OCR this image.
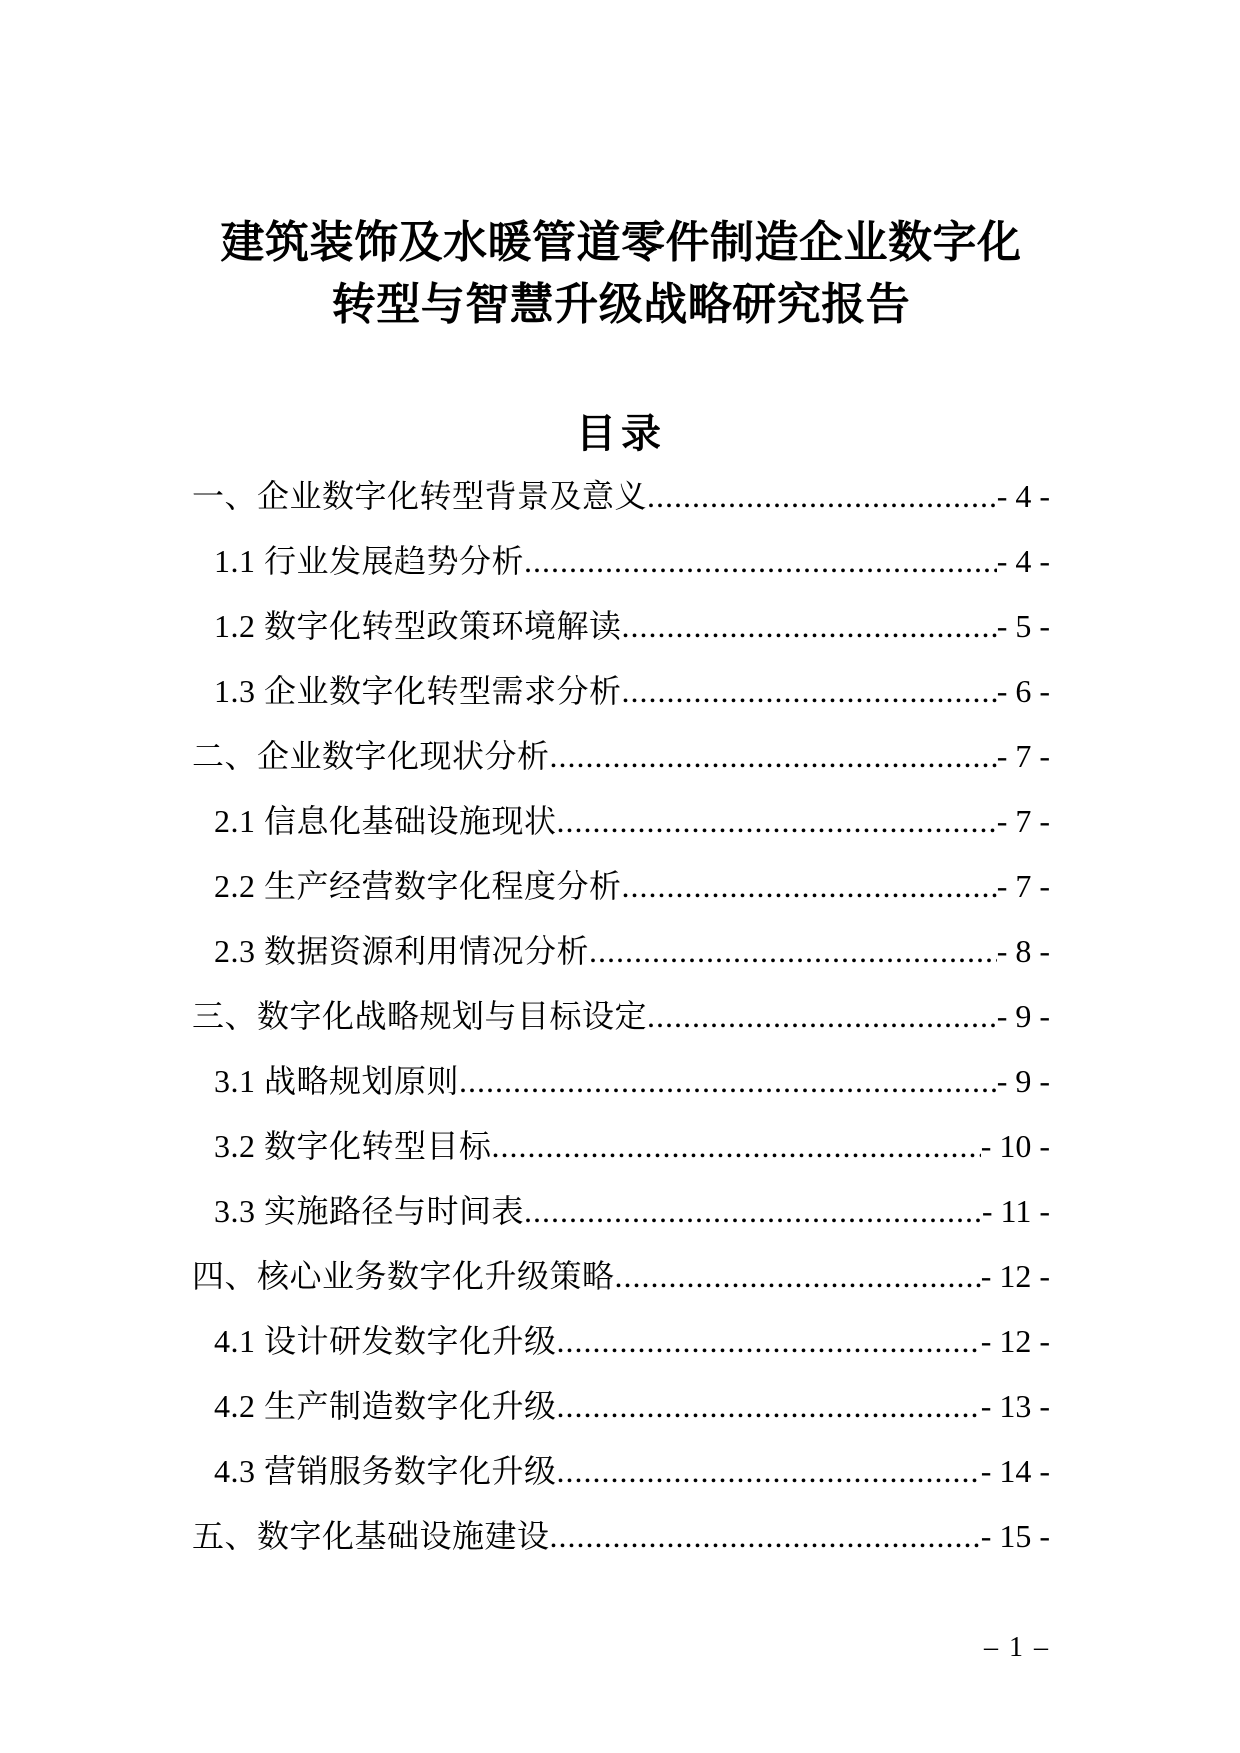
建筑装饰及水暖管道零件制造企业数字化
转型与智慧升级战略研究报告
目录
一、企业数字化转型背景及意义 .....	- 4 -
1.1 行业发展趋势分析 .....	- 4 -
1.2 数字化转型政策环境解读 .....	- 5 -
1.3 企业数字化转型需求分析 .....	- 6 -
二、企业数字化现状分析 .....	- 7 -
2.1 信息化基础设施现状 .....	- 7 -
2.2 生产经营数字化程度分析 .....	- 7 -
2.3 数据资源利用情况分析 .....	- 8 -
三、数字化战略规划与目标设定 .....	- 9 -
3.1 战略规划原则 .....	- 9 -
3.2 数字化转型目标 .....	- 10 -
3.3 实施路径与时间表 .....	- 11 -
四、核心业务数字化升级策略 .....	- 12 -
4.1 设计研发数字化升级 .....	- 12 -
4.2 生产制造数字化升级 .....	- 13 -
4.3 营销服务数字化升级 .....	- 14 -
五、数字化基础设施建设 .....	- 15 -
– 1 –
